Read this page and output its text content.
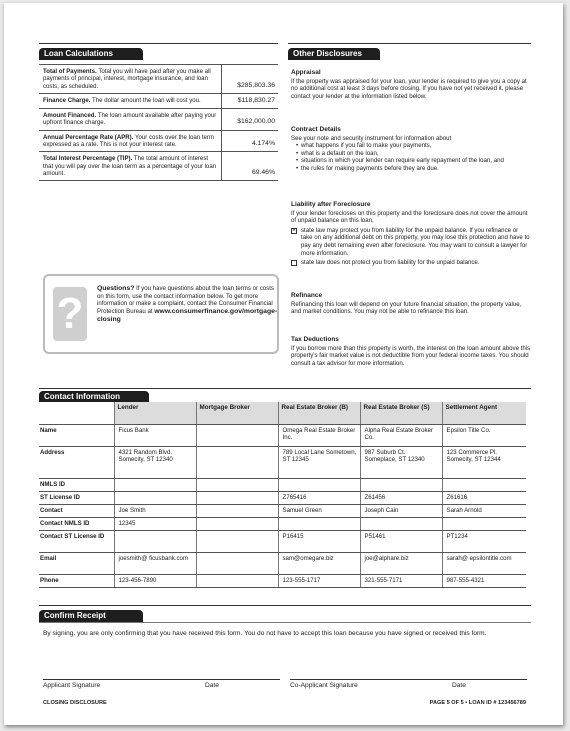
Loan Calculations
Total of Payments. Total you will have paid after you make all payments of principal, interest, mortgage insurance, and loan costs, as scheduled.	$285,803.36
Finance Charge. The dollar amount the loan will cost you.	$118,830.27
Amount Financed. The loan amount available after paying your upfront finance charge.	$162,000.00
Annual Percentage Rate (APR). Your costs over the loan term expressed as a rate. This is not your interest rate.	4.174%
Total Interest Percentage (TIP). The total amount of interest that you will pay over the loan term as a percentage of your loan amount.	69.46%
?
Questions? If you have questions about the loan terms or costs on this form, use the contact information below. To get more information or make a complaint, contact the Consumer Financial Protection Bureau at www.consumerfinance.gov/mortgage-closing
Other Disclosures
Appraisal

If the property was appraised for your loan, your lender is required to give you a copy at no additional cost at least 3 days before closing. If you have not yet received it, please contact your lender at the information listed below.

Contract Details

See your note and security instrument for information about

• what happens if you fail to make your payments,
• what is a default on the loan,
• situations in which your lender can require early repayment of the loan, and
• the rules for making payments before they are due.
Liability after Foreclosure

If your lender forecloses on this property and the foreclosure does not cover the amount of unpaid balance on this loan,

× state law may protect you from liability for the unpaid balance. If you refinance or take on any additional debt on this property, you may lose this protection and have to pay any debt remaining even after foreclosure. You may want to consult a lawyer for more information.
state law does not protect you from liability for the unpaid balance.
Refinance

Refinancing this loan will depend on your future financial situation, the property value, and market conditions. You may not be able to refinance this loan.

Tax Deductions

If you borrow more than this property is worth, the interest on the loan amount above this property's fair market value is not deductible from your federal income taxes. You should consult a tax advisor for more information.

Contact Information
	Lender	Mortgage Broker	Real Estate Broker (B)	Real Estate Broker (S)	Settlement Agent
Name	Ficus Bank		Omega Real Estate Broker Inc.	Alpha Real Estate Broker Co.	Epsilon Title Co.
Address	4321 Random Blvd. Somecity, ST 12340		789 Local Lane Sometown, ST 12345	987 Suburb Ct. Someplace, ST 12340	123 Commerce Pl. Somecity, ST 12344
NMLS ID					
ST License ID			Z765416	Z61456	Z61616
Contact	Joe Smith		Samuel Green	Joseph Cain	Sarah Arnold
Contact NMLS ID	12345				
Contact ST License ID			P16415	P51461	PT1234
Email	joesmith@ ficusbank.com		sam@omegare.biz	joe@alphare.biz	sarah@ epsilontitle.com
Phone	123-456-7890		123-555-1717	321-555-7171	987-555-4321
Confirm Receipt

By signing, you are only confirming that you have received this form. You do not have to accept this loan because you have signed or received this form.

Applicant Signature	Date	Co-Applicant Signature	Date
CLOSING DISCLOSURE	PAGE 5 OF 5 • LOAN ID # 123456789
